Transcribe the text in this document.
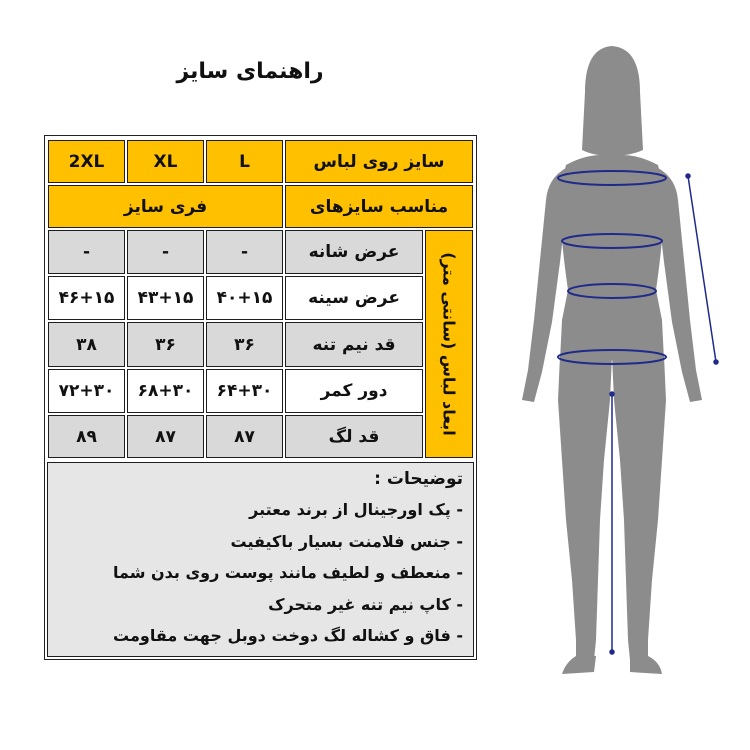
راهنمای سایز
سایز روی لباس
L
XL
2XL
مناسب سایزهای
فری سایز
ابعاد لباس (سانتی متر)
عرض شانه
-
-
-
عرض سینه
۴۰+۱۵
۴۳+۱۵
۴۶+۱۵
قد نیم تنه
۳۶
۳۶
۳۸
دور کمر
۶۴+۳۰
۶۸+۳۰
۷۲+۳۰
قد لگ
۸۷
۸۷
۸۹
توضیحات :
- پک اورجینال از برند معتبر
- جنس فلامنت بسیار باکیفیت
- منعطف و لطیف مانند پوست روی بدن شما
- کاپ نیم تنه غیر متحرک
- فاق و کشاله لگ دوخت دوبل جهت مقاومت
